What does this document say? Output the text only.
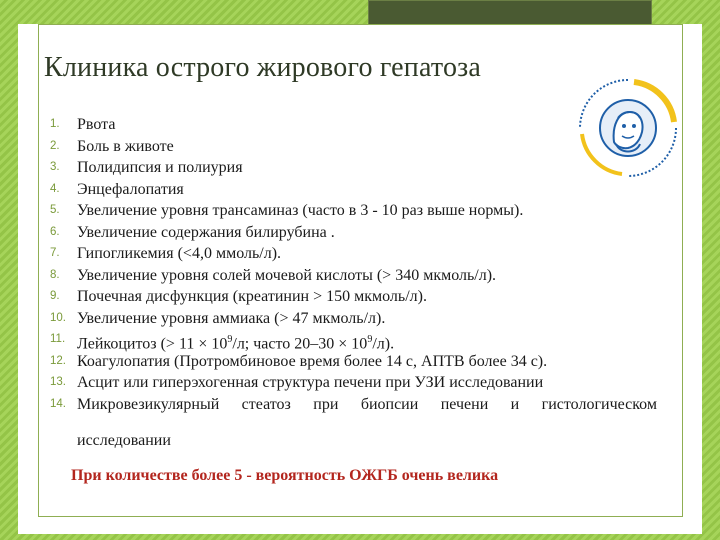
Клиника острого жирового гепатоза
1. Рвота
2. Боль в животе
3. Полидипсия и полиурия
4. Энцефалопатия
5. Увеличение уровня трансаминаз (часто в 3 - 10 раз выше нормы).
6. Увеличение содержания билирубина .
7. Гипогликемия (<4,0 ммоль/л).
8. Увеличение уровня солей мочевой кислоты (> 340 мкмоль/л).
9. Почечная дисфункция (креатинин > 150 мкмоль/л).
10. Увеличение уровня аммиака (> 47 мкмоль/л).
11. Лейкоцитоз (> $11 \times 10^9/л$; часто $20-30 \times 10^9/л$).
12. Коагулопатия (Протромбиновое время более 14 с, АПТВ более 34 с).
13. Асцит или гиперэхогенная структура печени при УЗИ исследовании
14. Микровезикулярный стеатоз при биопсии печени и гистологическом
исследовании
При количестве более 5 - вероятность ОЖГБ очень велика
